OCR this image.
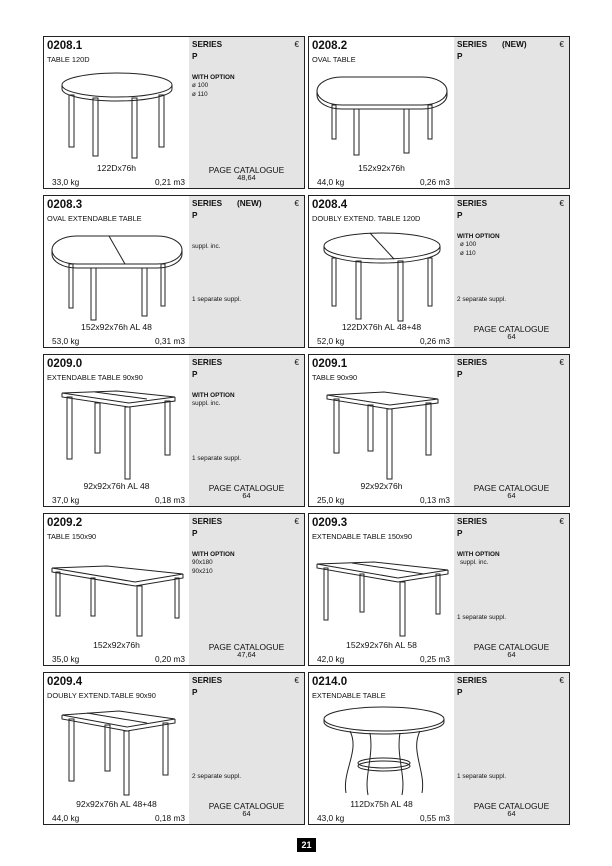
0208.1
TABLE 120D
122Dx76h
33,0 kg	0,21 m3
SERIES	€
P
WITH OPTION
ø 100
ø 110
PAGE CATALOGUE
48,64
0208.2
OVAL TABLE
152x92x76h
44,0 kg	0,26 m3
SERIES (NEW)	€
P
0208.3
OVAL EXTENDABLE TABLE
152x92x76h AL 48
53,0 kg	0,31 m3
SERIES (NEW)	€
P
suppl. inc.
1 separate suppl.
0208.4
DOUBLY EXTEND. TABLE 120D
122DX76h AL 48+48
52,0 kg	0,26 m3
SERIES	€
P
WITH OPTION
ø 100
ø 110
2 separate suppl.
PAGE CATALOGUE
64
0209.0
EXTENDABLE TABLE 90x90
92x92x76h AL 48
37,0 kg	0,18 m3
SERIES	€
P
WITH OPTION
suppl. inc.
1 separate suppl.
PAGE CATALOGUE
64
0209.1
TABLE 90x90
92x92x76h
25,0 kg	0,13 m3
SERIES	€
P
PAGE CATALOGUE
64
0209.2
TABLE 150x90
152x92x76h
35,0 kg	0,20 m3
SERIES	€
P
WITH OPTION
90x180
90x210
PAGE CATALOGUE
47,64
0209.3
EXTENDABLE TABLE 150x90
152x92x76h AL 58
42,0 kg	0,25 m3
SERIES	€
P
WITH OPTION
suppl. inc.
1 separate suppl.
PAGE CATALOGUE
64
0209.4
DOUBLY EXTEND.TABLE 90x90
92x92x76h AL 48+48
44,0 kg	0,18 m3
SERIES	€
P
2 separate suppl.
PAGE CATALOGUE
64
0214.0
EXTENDABLE TABLE
112Dx75h AL 48
43,0 kg	0,55 m3
SERIES	€
P
1 separate suppl.
PAGE CATALOGUE
64
21
